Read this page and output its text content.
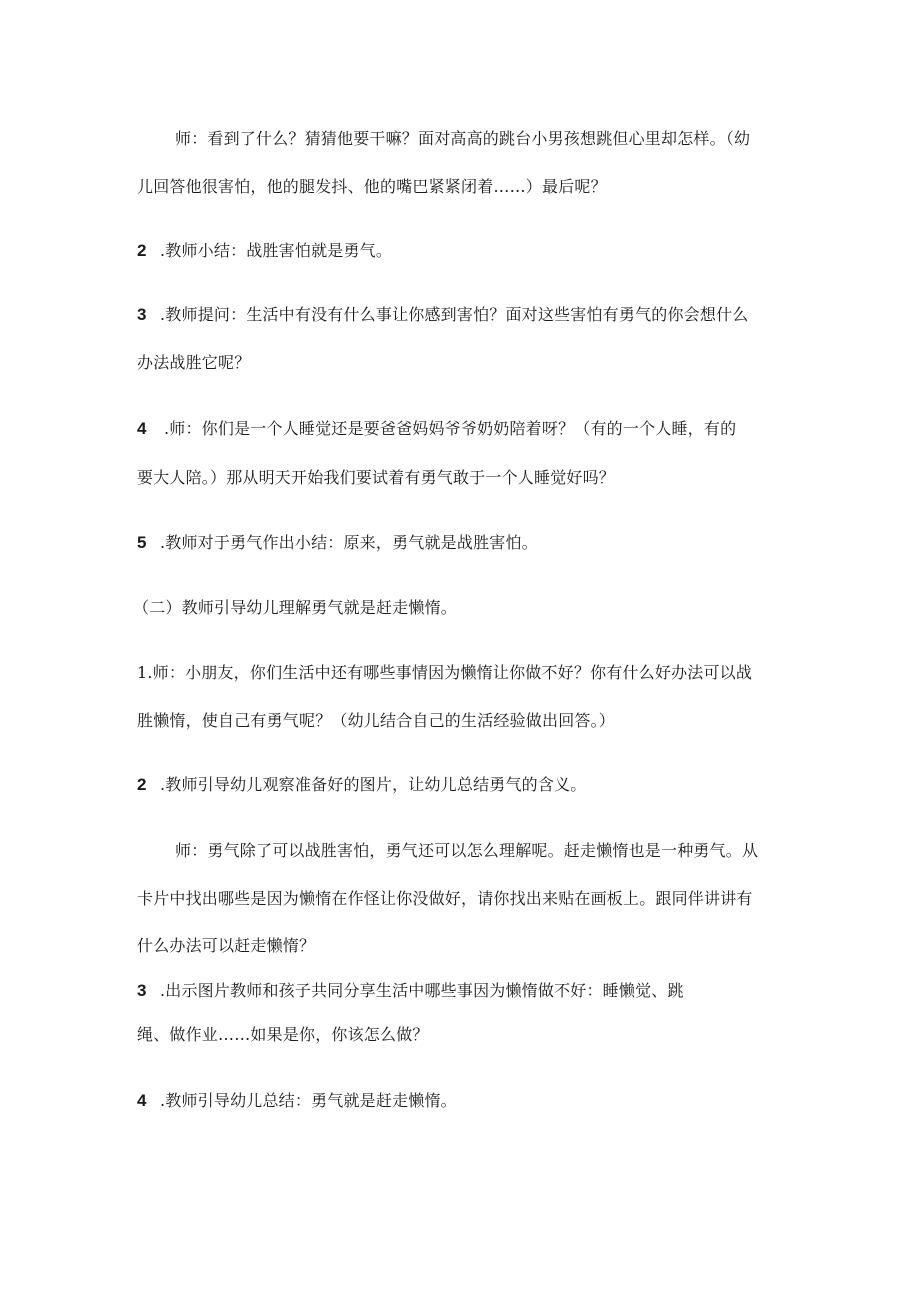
师：看到了什么？猜猜他要干嘛？面对高高的跳台小男孩想跳但心里却怎样。（幼
儿回答他很害怕，他的腿发抖、他的嘴巴紧紧闭着……）最后呢？
2 .教师小结：战胜害怕就是勇气。
3 .教师提问：生活中有没有什么事让你感到害怕？面对这些害怕有勇气的你会想什么
办法战胜它呢？
4 .师：你们是一个人睡觉还是要爸爸妈妈爷爷奶奶陪着呀？（有的一个人睡，有的
要大人陪。）那从明天开始我们要试着有勇气敢于一个人睡觉好吗？
5 .教师对于勇气作出小结：原来，勇气就是战胜害怕。
（二）教师引导幼儿理解勇气就是赶走懒惰。
1.师：小朋友，你们生活中还有哪些事情因为懒惰让你做不好？你有什么好办法可以战
胜懒惰，使自己有勇气呢？（幼儿结合自己的生活经验做出回答。）
2 .教师引导幼儿观察准备好的图片，让幼儿总结勇气的含义。
师：勇气除了可以战胜害怕，勇气还可以怎么理解呢。赶走懒惰也是一种勇气。从
卡片中找出哪些是因为懒惰在作怪让你没做好，请你找出来贴在画板上。跟同伴讲讲有
什么办法可以赶走懒惰？
3 .出示图片教师和孩子共同分享生活中哪些事因为懒惰做不好：睡懒觉、跳
绳、做作业……如果是你，你该怎么做？
4 .教师引导幼儿总结：勇气就是赶走懒惰。
